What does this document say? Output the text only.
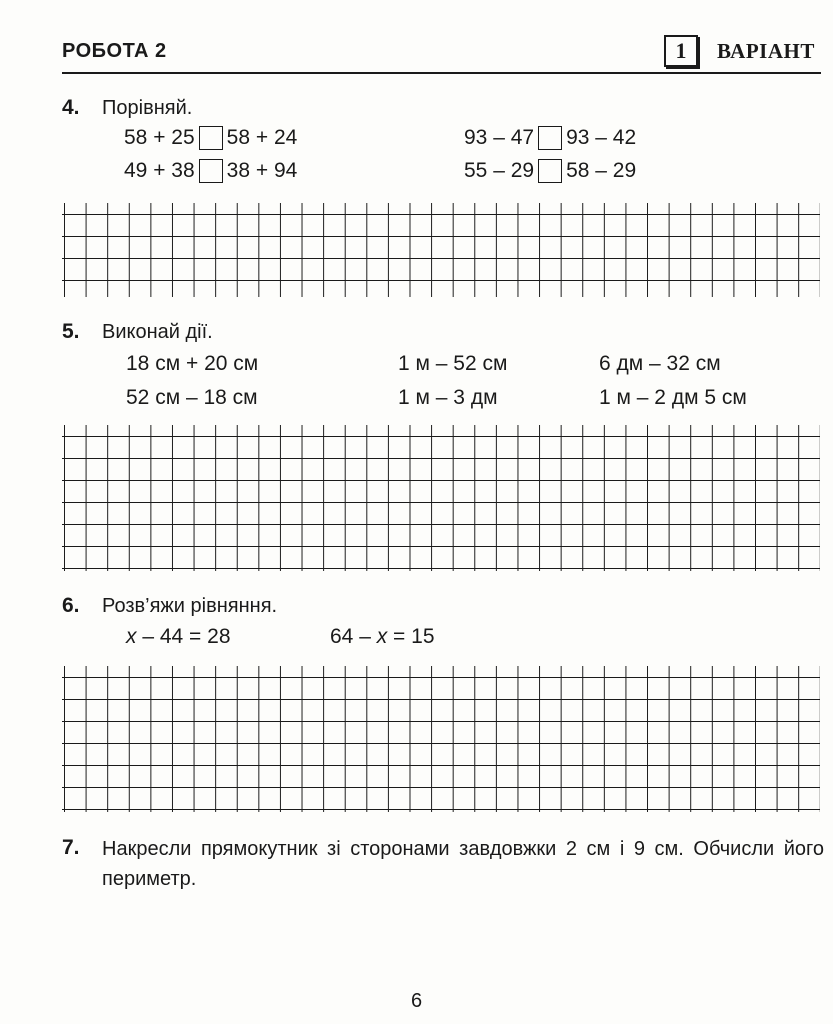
РОБОТА 2	1	ВАРІАНТ
4. Порівняй.
58 + 25 58 + 24	93 – 47 93 – 42
49 + 38 38 + 94	55 – 29 58 – 29
5. Виконай дії.
18 см + 20 см	1 м – 52 см	6 дм – 32 см
52 см – 18 см	1 м – 3 дм	1 м – 2 дм 5 см
6. Розв’яжи рівняння.
x – 44 = 28	64 – x = 15
7. Накресли прямокутник зі сторонами завдовжки 2 см і 9 см. Обчисли його периметр.
6
